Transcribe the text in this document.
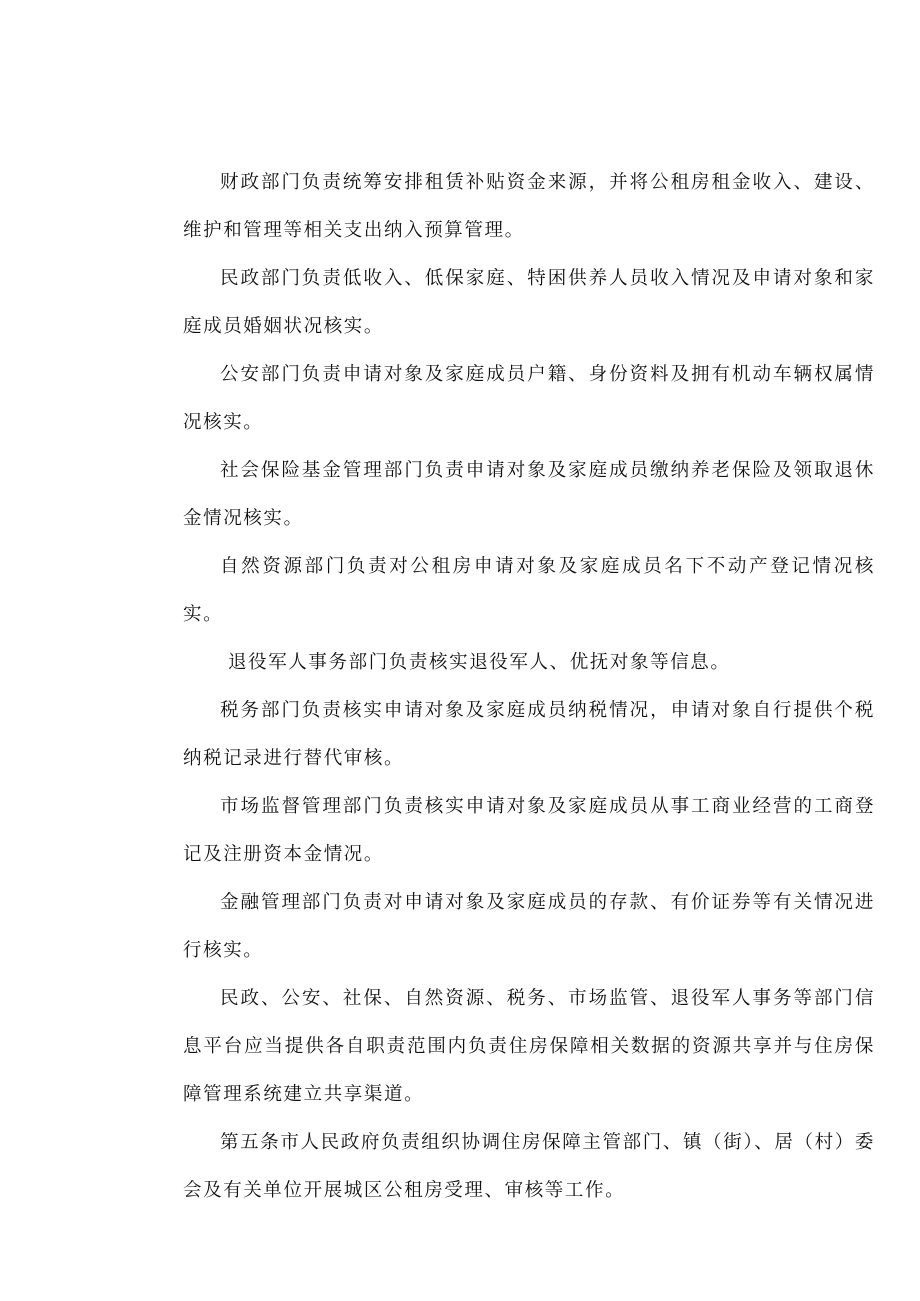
财政部门负责统筹安排租赁补贴资金来源，并将公租房租金收入、建设、维护和管理等相关支出纳入预算管理。

民政部门负责低收入、低保家庭、特困供养人员收入情况及申请对象和家庭成员婚姻状况核实。

公安部门负责申请对象及家庭成员户籍、身份资料及拥有机动车辆权属情况核实。

社会保险基金管理部门负责申请对象及家庭成员缴纳养老保险及领取退休金情况核实。

自然资源部门负责对公租房申请对象及家庭成员名下不动产登记情况核实。

退役军人事务部门负责核实退役军人、优抚对象等信息。

税务部门负责核实申请对象及家庭成员纳税情况，申请对象自行提供个税纳税记录进行替代审核。

市场监督管理部门负责核实申请对象及家庭成员从事工商业经营的工商登记及注册资本金情况。

金融管理部门负责对申请对象及家庭成员的存款、有价证券等有关情况进行核实。

民政、公安、社保、自然资源、税务、市场监管、退役军人事务等部门信息平台应当提供各自职责范围内负责住房保障相关数据的资源共享并与住房保障管理系统建立共享渠道。

第五条市人民政府负责组织协调住房保障主管部门、镇（街）、居（村）委会及有关单位开展城区公租房受理、审核等工作。
